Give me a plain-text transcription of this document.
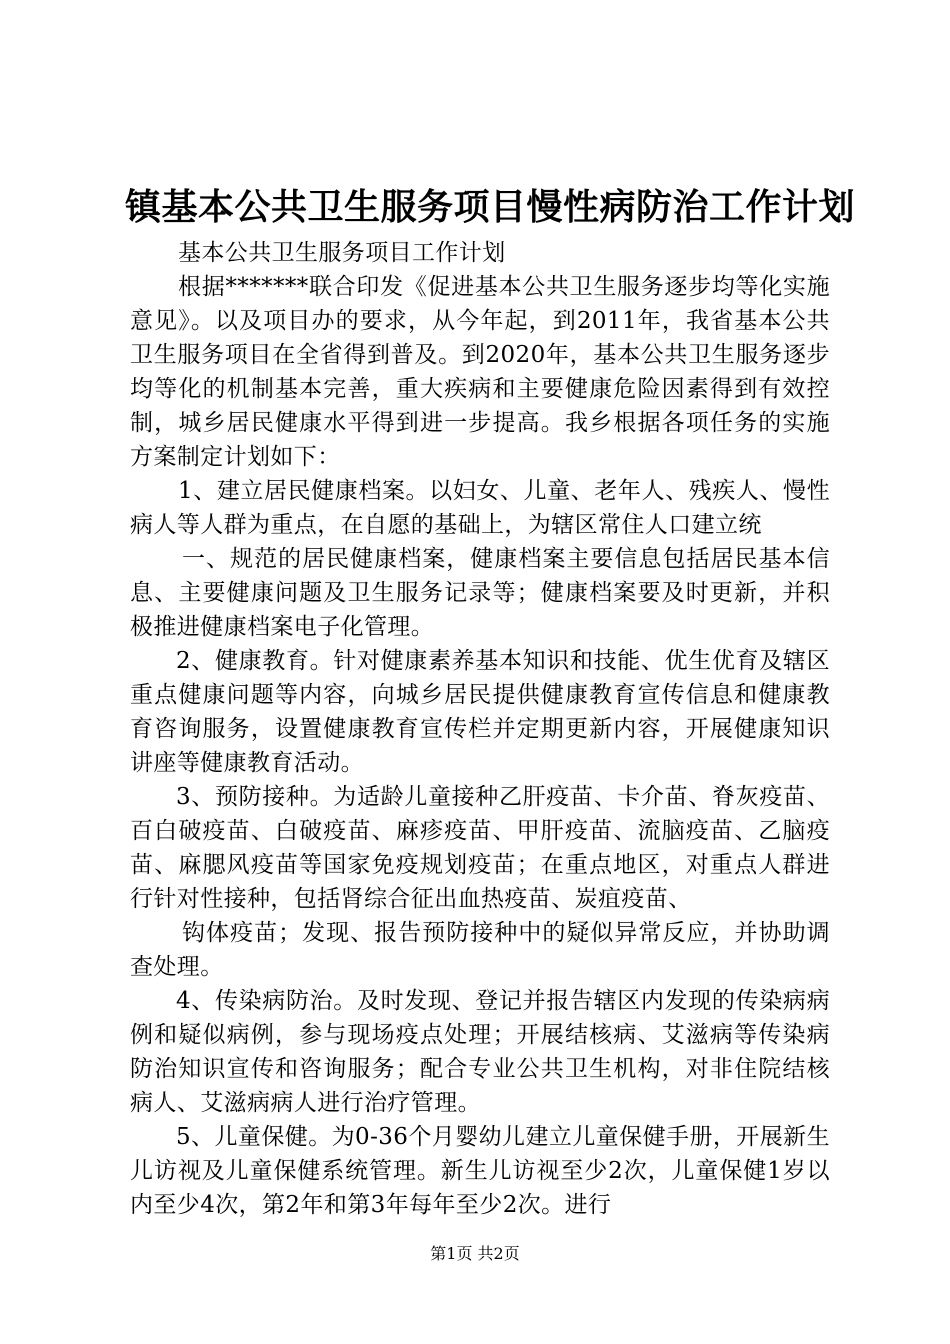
镇基本公共卫生服务项目慢性病防治工作计划

基本公共卫生服务项目工作计划

根据*******联合印发《促进基本公共卫生服务逐步均等化实施意见》。以及项目办的要求，从今年起，到2011年，我省基本公共卫生服务项目在全省得到普及。到2020年，基本公共卫生服务逐步均等化的机制基本完善，重大疾病和主要健康危险因素得到有效控制，城乡居民健康水平得到进一步提高。我乡根据各项任务的实施方案制定计划如下：

1、建立居民健康档案。以妇女、儿童、老年人、残疾人、慢性病人等人群为重点，在自愿的基础上，为辖区常住人口建立统

一、规范的居民健康档案，健康档案主要信息包括居民基本信息、主要健康问题及卫生服务记录等；健康档案要及时更新，并积极推进健康档案电子化管理。

2、健康教育。针对健康素养基本知识和技能、优生优育及辖区重点健康问题等内容，向城乡居民提供健康教育宣传信息和健康教育咨询服务，设置健康教育宣传栏并定期更新内容，开展健康知识讲座等健康教育活动。

3、预防接种。为适龄儿童接种乙肝疫苗、卡介苗、脊灰疫苗、百白破疫苗、白破疫苗、麻疹疫苗、甲肝疫苗、流脑疫苗、乙脑疫苗、麻腮风疫苗等国家免疫规划疫苗；在重点地区，对重点人群进行针对性接种，包括肾综合征出血热疫苗、炭疽疫苗、

钩体疫苗；发现、报告预防接种中的疑似异常反应，并协助调查处理。

4、传染病防治。及时发现、登记并报告辖区内发现的传染病病例和疑似病例，参与现场疫点处理；开展结核病、艾滋病等传染病防治知识宣传和咨询服务；配合专业公共卫生机构，对非住院结核病人、艾滋病病人进行治疗管理。

5、儿童保健。为0-36个月婴幼儿建立儿童保健手册，开展新生儿访视及儿童保健系统管理。新生儿访视至少2次，儿童保健1岁以内至少4次，第2年和第3年每年至少2次。进行

第1页 共2页
